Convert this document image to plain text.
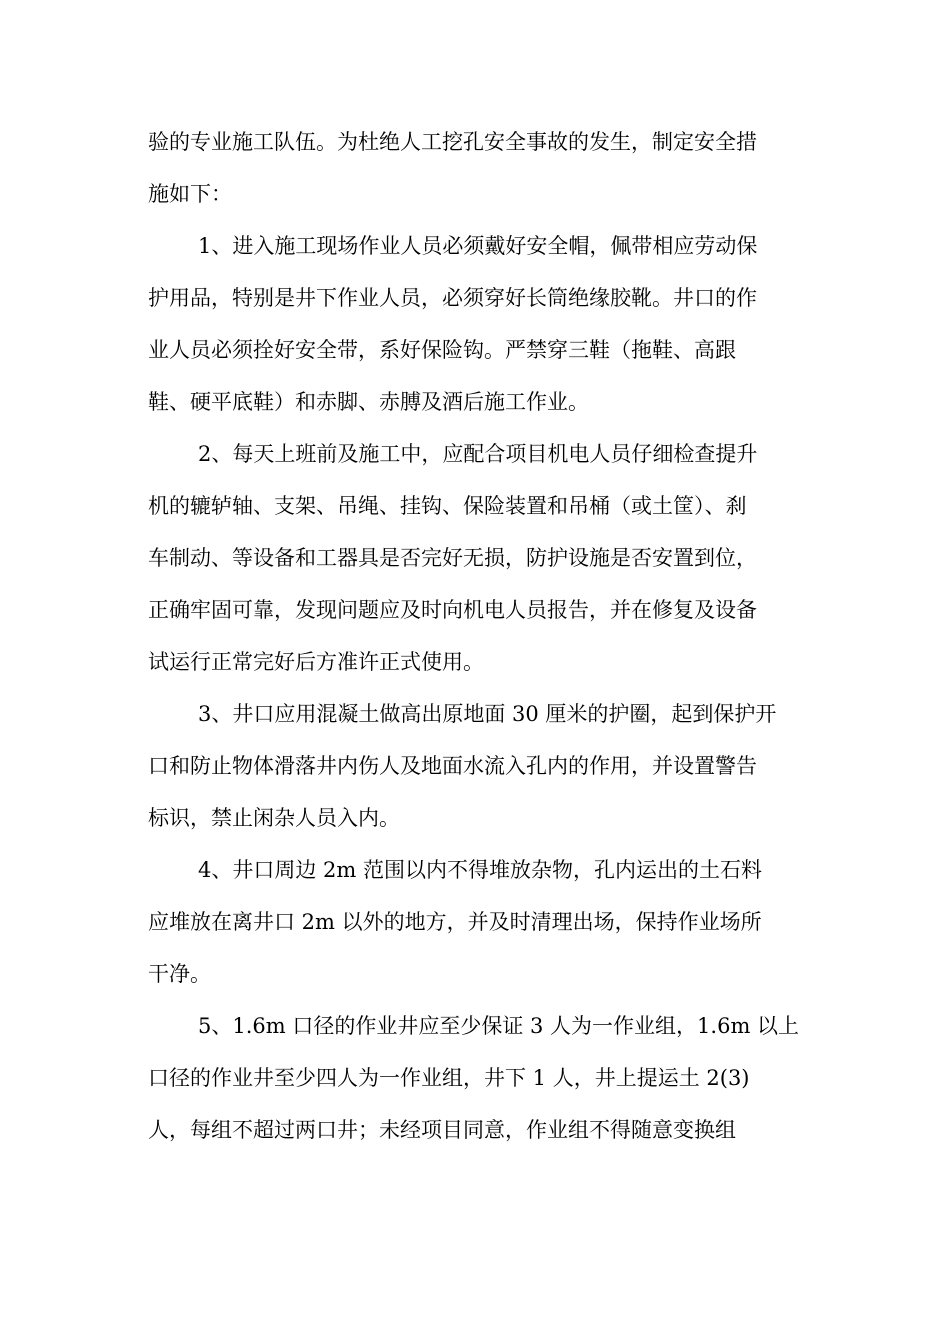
验的专业施工队伍。为杜绝人工挖孔安全事故的发生，制定安全措
施如下：
1、进入施工现场作业人员必须戴好安全帽，佩带相应劳动保
护用品，特别是井下作业人员，必须穿好长筒绝缘胶靴。井口的作
业人员必须拴好安全带，系好保险钩。严禁穿三鞋（拖鞋、高跟
鞋、硬平底鞋）和赤脚、赤膊及酒后施工作业。
2、每天上班前及施工中，应配合项目机电人员仔细检查提升
机的辘轳轴、支架、吊绳、挂钩、保险装置和吊桶（或土筐）、刹
车制动、等设备和工器具是否完好无损，防护设施是否安置到位，
正确牢固可靠，发现问题应及时向机电人员报告，并在修复及设备
试运行正常完好后方准许正式使用。
3、井口应用混凝土做高出原地面 30 厘米的护圈，起到保护开
口和防止物体滑落井内伤人及地面水流入孔内的作用，并设置警告
标识，禁止闲杂人员入内。
4、井口周边 2m 范围以内不得堆放杂物，孔内运出的土石料
应堆放在离井口 2m 以外的地方，并及时清理出场，保持作业场所
干净。
5、1.6m 口径的作业井应至少保证 3 人为一作业组，1.6m 以上
口径的作业井至少四人为一作业组，井下 1 人，井上提运土 2(3)
人，每组不超过两口井；未经项目同意，作业组不得随意变换组
